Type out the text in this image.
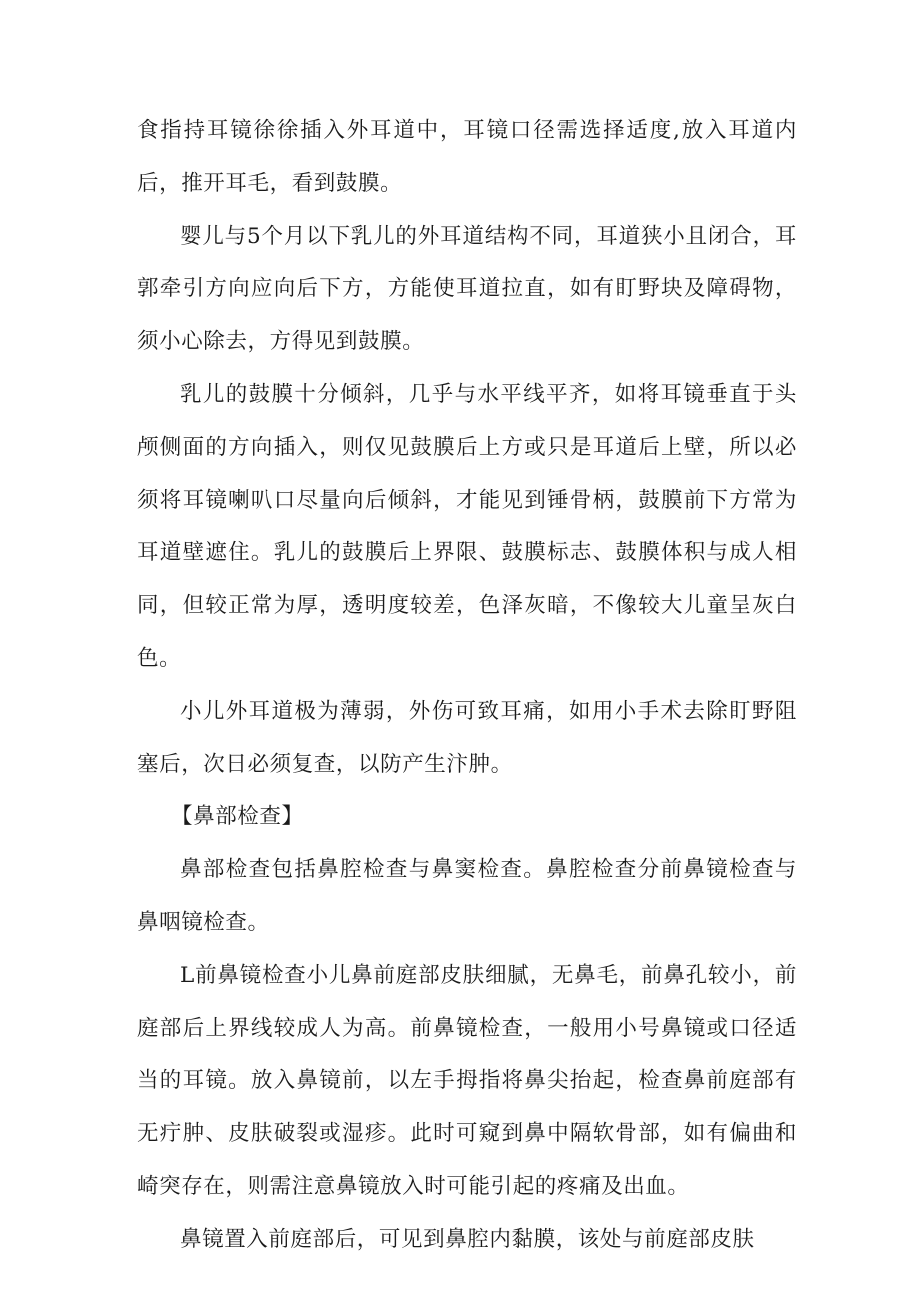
食指持耳镜徐徐插入外耳道中，耳镜口径需选择适度,放入耳道内后，推开耳毛，看到鼓膜。

婴儿与5个月以下乳儿的外耳道结构不同，耳道狭小且闭合，耳郭牵引方向应向后下方，方能使耳道拉直，如有盯野块及障碍物，须小心除去，方得见到鼓膜。

乳儿的鼓膜十分倾斜，几乎与水平线平齐，如将耳镜垂直于头颅侧面的方向插入，则仅见鼓膜后上方或只是耳道后上壁，所以必须将耳镜喇叭口尽量向后倾斜，才能见到锤骨柄，鼓膜前下方常为耳道壁遮住。乳儿的鼓膜后上界限、鼓膜标志、鼓膜体积与成人相同，但较正常为厚，透明度较差，色泽灰暗，不像较大儿童呈灰白色。

小儿外耳道极为薄弱，外伤可致耳痛，如用小手术去除盯野阻塞后，次日必须复查，以防产生汴肿。

【鼻部检查】

鼻部检查包括鼻腔检查与鼻窦检查。鼻腔检查分前鼻镜检查与鼻咽镜检查。

L前鼻镜检查小儿鼻前庭部皮肤细腻，无鼻毛，前鼻孔较小，前庭部后上界线较成人为高。前鼻镜检查，一般用小号鼻镜或口径适当的耳镜。放入鼻镜前，以左手拇指将鼻尖抬起，检查鼻前庭部有无疔肿、皮肤破裂或湿疹。此时可窥到鼻中隔软骨部，如有偏曲和崎突存在，则需注意鼻镜放入时可能引起的疼痛及出血。

鼻镜置入前庭部后，可见到鼻腔内黏膜，该处与前庭部皮肤
